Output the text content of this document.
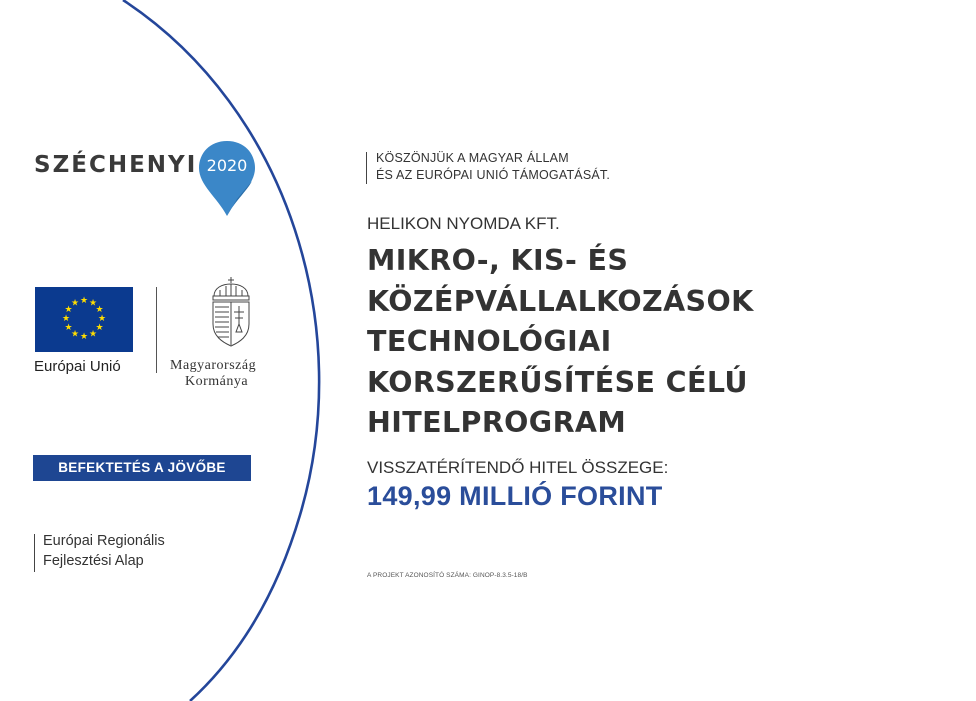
SZÉCHENYI 2020
★ ★
★
★
★
★
★
★
★
★
★
★
Európai Unió	Magyarország
Kormánya
BEFEKTETÉS A JÖVŐBE
Európai Regionális
Fejlesztési Alap
KÖSZÖNJÜK A MAGYAR ÁLLAM
ÉS AZ EURÓPAI UNIÓ TÁMOGATÁSÁT.
HELIKON NYOMDA KFT.
MIKRO-, KIS- ÉS
KÖZÉPVÁLLALKOZÁSOK
TECHNOLÓGIAI
KORSZERŰSÍTÉSE CÉLÚ
HITELPROGRAM
VISSZATÉRÍTENDŐ HITEL ÖSSZEGE:
149,99 MILLIÓ FORINT
A PROJEKT AZONOSÍTÓ SZÁMA: GINOP-8.3.5-18/B
